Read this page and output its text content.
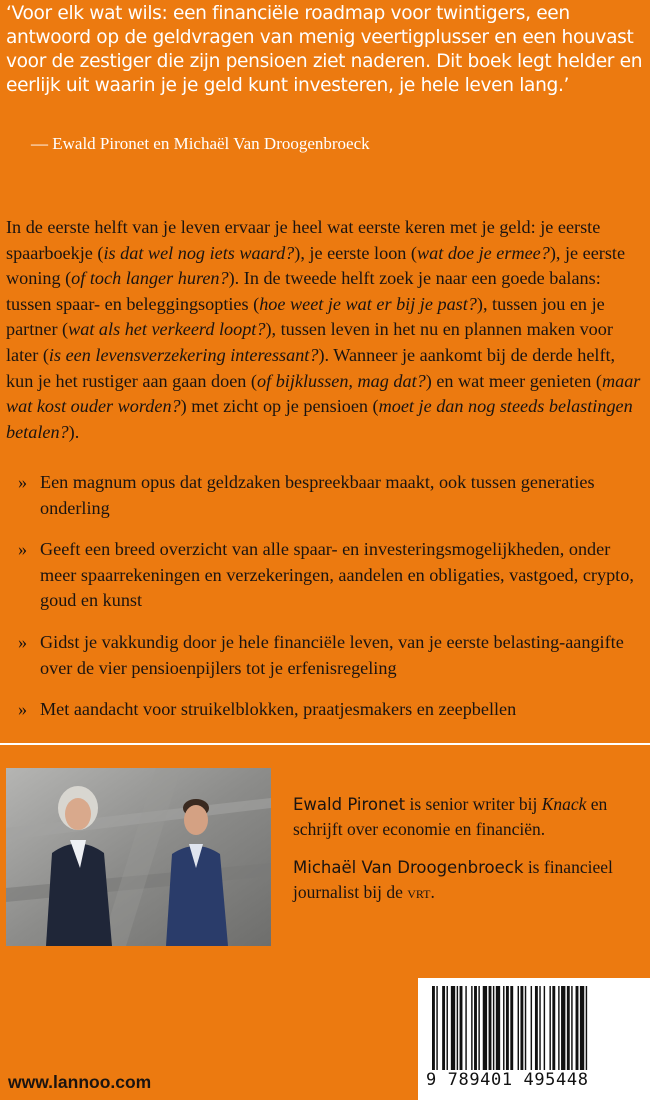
‘Voor elk wat wils: een financiële roadmap voor twintigers, een antwoord op de geldvragen van menig veertigplusser en een houvast voor de zestiger die zijn pensioen ziet naderen. Dit boek legt helder en eerlijk uit waarin je je geld kunt investeren, je hele leven lang.’

— Ewald Pironet en Michaël Van Droogenbroeck

In de eerste helft van je leven ervaar je heel wat eerste keren met je geld: je eerste spaarboekje (is dat wel nog iets waard?), je eerste loon (wat doe je ermee?), je eerste woning (of toch langer huren?). In de tweede helft zoek je naar een goede balans: tussen spaar- en beleggingsopties (hoe weet je wat er bij je past?), tussen jou en je partner (wat als het verkeerd loopt?), tussen leven in het nu en plannen maken voor later (is een levensverzekering interessant?). Wanneer je aankomt bij de derde helft, kun je het rustiger aan gaan doen (of bijklussen, mag dat?) en wat meer genieten (maar wat kost ouder worden?) met zicht op je pensioen (moet je dan nog steeds belastingen betalen?).

» Een magnum opus dat geldzaken bespreekbaar maakt, ook tussen generaties onderling
» Geeft een breed overzicht van alle spaar- en investeringsmogelijkheden, onder meer spaarrekeningen en verzekeringen, aandelen en obligaties, vastgoed, crypto, goud en kunst
» Gidst je vakkundig door je hele financiële leven, van je eerste belasting-aangifte over de vier pensioenpijlers tot je erfenisregeling
» Met aandacht voor struikelblokken, praatjesmakers en zeepbellen

Ewald Pironet is senior writer bij Knack en schrijft over economie en financiën.

Michaël Van Droogenbroeck is financieel journalist bij de vrt.

www.lannoo.com	9 789401 495448
